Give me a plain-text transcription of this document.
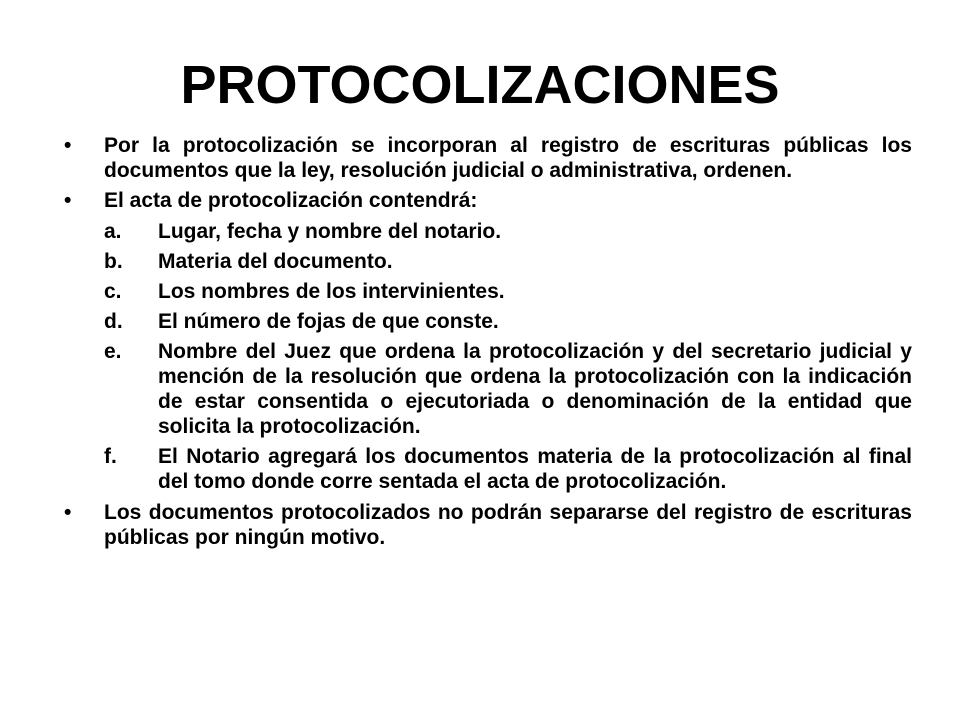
PROTOCOLIZACIONES
•	Por la protocolización se incorporan al registro de escrituras públicas los documentos que la ley, resolución judicial o administrativa, ordenen.
•	El acta de protocolización contendrá:
a.	Lugar, fecha y nombre del notario.
b.	Materia del documento.
c.	Los nombres de los intervinientes.
d.	El número de fojas de que conste.
e.	Nombre del Juez que ordena la protocolización y del secretario judicial y mención de la resolución que ordena la protocolización con la indicación de estar consentida o ejecutoriada o denominación de la entidad que solicita la protocolización.
f.	El Notario agregará los documentos materia de la protocolización al final del tomo donde corre sentada el acta de protocolización.
•	Los documentos protocolizados no podrán separarse del registro de escrituras públicas por ningún motivo.
